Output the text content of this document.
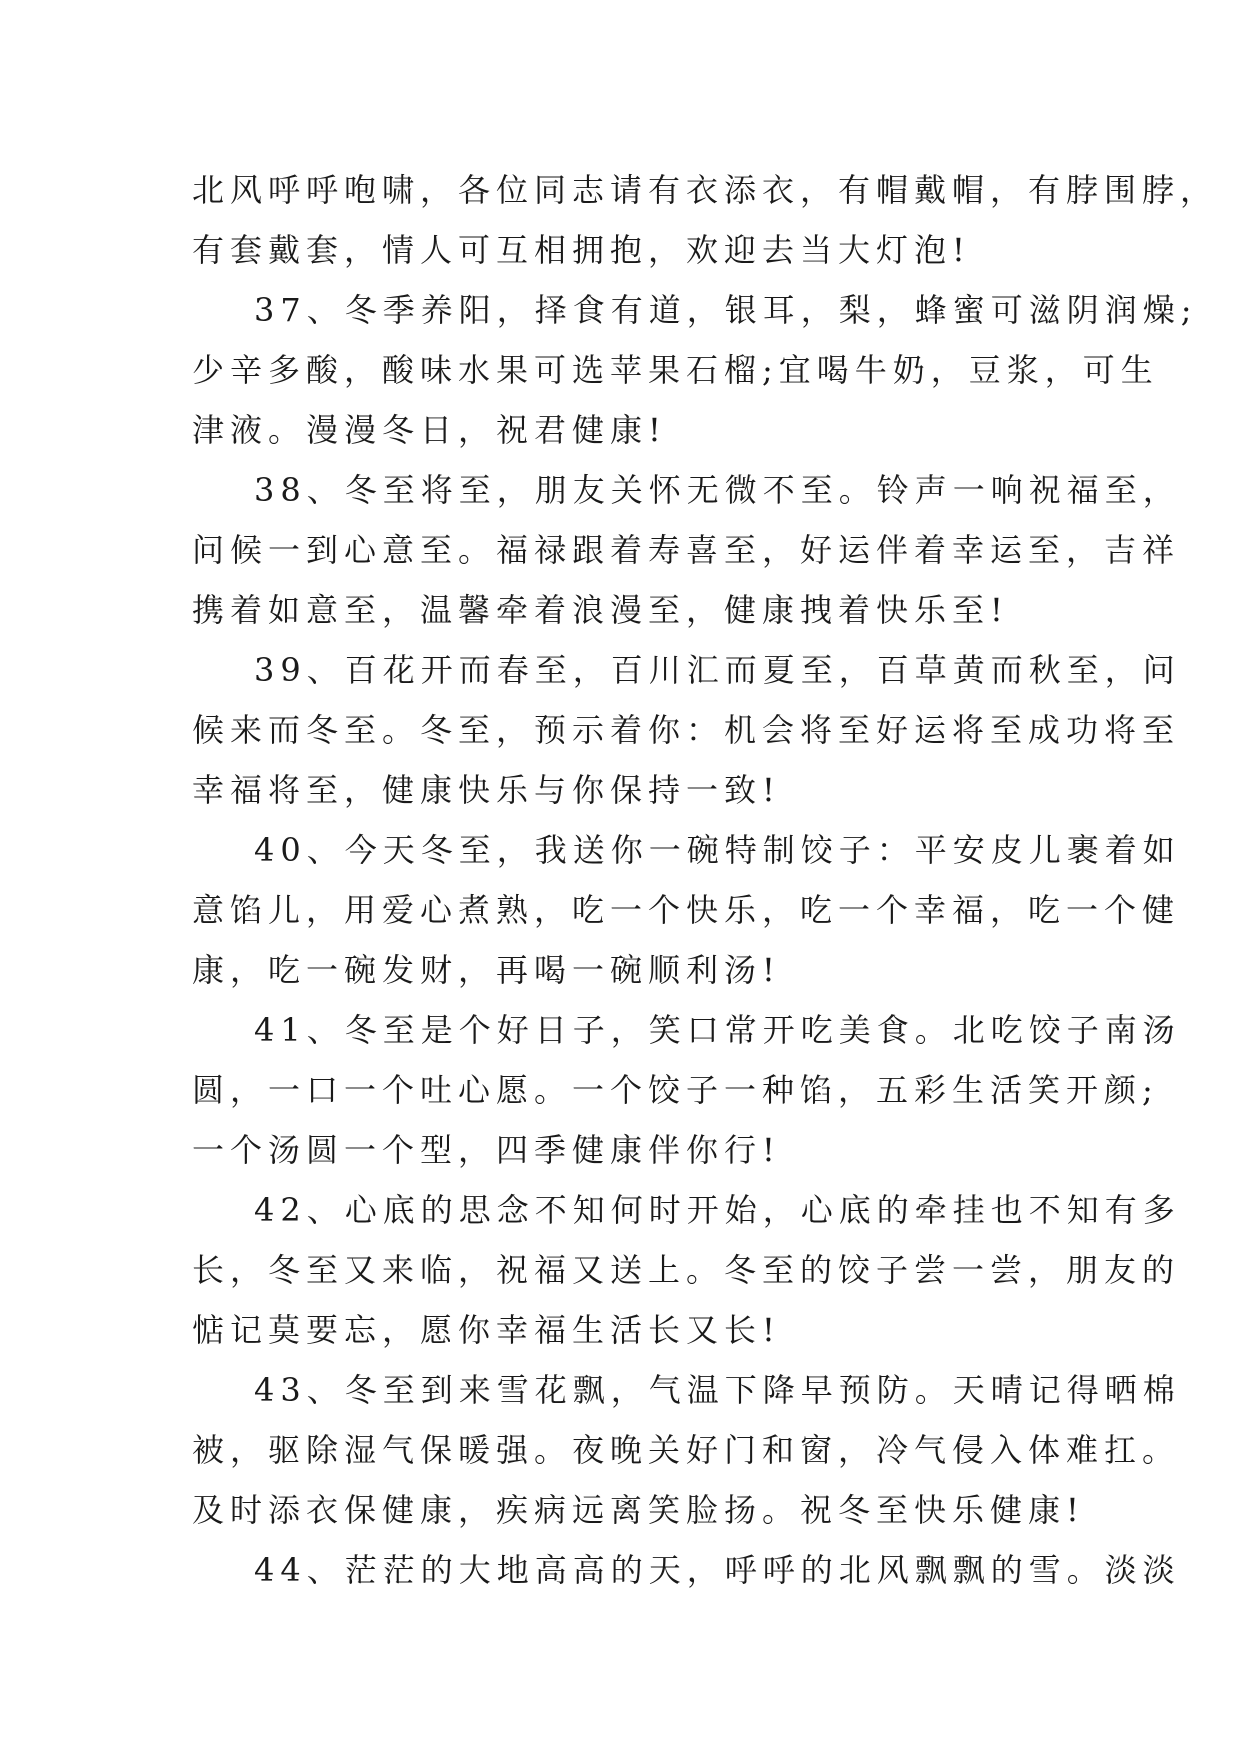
北风呼呼咆啸，各位同志请有衣添衣，有帽戴帽，有脖围脖，
有套戴套，情人可互相拥抱，欢迎去当大灯泡!
37、冬季养阳，择食有道，银耳，梨，蜂蜜可滋阴润燥;
少辛多酸，酸味水果可选苹果石榴;宜喝牛奶，豆浆，可生
津液。漫漫冬日，祝君健康!
38、冬至将至，朋友关怀无微不至。铃声一响祝福至，
问候一到心意至。福禄跟着寿喜至，好运伴着幸运至，吉祥
携着如意至，温馨牵着浪漫至，健康拽着快乐至!
39、百花开而春至，百川汇而夏至，百草黄而秋至，问
候来而冬至。冬至，预示着你：机会将至好运将至成功将至
幸福将至，健康快乐与你保持一致!
40、今天冬至，我送你一碗特制饺子：平安皮儿裹着如
意馅儿，用爱心煮熟，吃一个快乐，吃一个幸福，吃一个健
康，吃一碗发财，再喝一碗顺利汤!
41、冬至是个好日子，笑口常开吃美食。北吃饺子南汤
圆，一口一个吐心愿。一个饺子一种馅，五彩生活笑开颜;
一个汤圆一个型，四季健康伴你行!
42、心底的思念不知何时开始，心底的牵挂也不知有多
长，冬至又来临，祝福又送上。冬至的饺子尝一尝，朋友的
惦记莫要忘，愿你幸福生活长又长!
43、冬至到来雪花飘，气温下降早预防。天晴记得晒棉
被，驱除湿气保暖强。夜晚关好门和窗，冷气侵入体难扛。
及时添衣保健康，疾病远离笑脸扬。祝冬至快乐健康!
44、茫茫的大地高高的天，呼呼的北风飘飘的雪。淡淡
